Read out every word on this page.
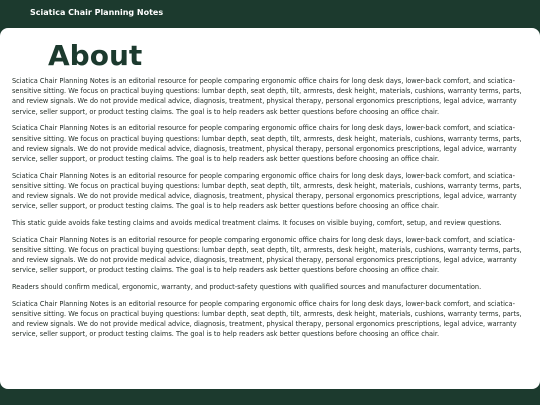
Sciatica Chair Planning Notes
About

Sciatica Chair Planning Notes is an editorial resource for people comparing ergonomic office chairs for long desk days, lower-back comfort, and sciatica-sensitive sitting. We focus on practical buying questions: lumbar depth, seat depth, tilt, armrests, desk height, materials, cushions, warranty terms, parts, and review signals. We do not provide medical advice, diagnosis, treatment, physical therapy, personal ergonomics prescriptions, legal advice, warranty service, seller support, or product testing claims. The goal is to help readers ask better questions before choosing an office chair.

Sciatica Chair Planning Notes is an editorial resource for people comparing ergonomic office chairs for long desk days, lower-back comfort, and sciatica-sensitive sitting. We focus on practical buying questions: lumbar depth, seat depth, tilt, armrests, desk height, materials, cushions, warranty terms, parts, and review signals. We do not provide medical advice, diagnosis, treatment, physical therapy, personal ergonomics prescriptions, legal advice, warranty service, seller support, or product testing claims. The goal is to help readers ask better questions before choosing an office chair.

Sciatica Chair Planning Notes is an editorial resource for people comparing ergonomic office chairs for long desk days, lower-back comfort, and sciatica-sensitive sitting. We focus on practical buying questions: lumbar depth, seat depth, tilt, armrests, desk height, materials, cushions, warranty terms, parts, and review signals. We do not provide medical advice, diagnosis, treatment, physical therapy, personal ergonomics prescriptions, legal advice, warranty service, seller support, or product testing claims. The goal is to help readers ask better questions before choosing an office chair.

This static guide avoids fake testing claims and avoids medical treatment claims. It focuses on visible buying, comfort, setup, and review questions.

Sciatica Chair Planning Notes is an editorial resource for people comparing ergonomic office chairs for long desk days, lower-back comfort, and sciatica-sensitive sitting. We focus on practical buying questions: lumbar depth, seat depth, tilt, armrests, desk height, materials, cushions, warranty terms, parts, and review signals. We do not provide medical advice, diagnosis, treatment, physical therapy, personal ergonomics prescriptions, legal advice, warranty service, seller support, or product testing claims. The goal is to help readers ask better questions before choosing an office chair.

Readers should confirm medical, ergonomic, warranty, and product-safety questions with qualified sources and manufacturer documentation.

Sciatica Chair Planning Notes is an editorial resource for people comparing ergonomic office chairs for long desk days, lower-back comfort, and sciatica-sensitive sitting. We focus on practical buying questions: lumbar depth, seat depth, tilt, armrests, desk height, materials, cushions, warranty terms, parts, and review signals. We do not provide medical advice, diagnosis, treatment, physical therapy, personal ergonomics prescriptions, legal advice, warranty service, seller support, or product testing claims. The goal is to help readers ask better questions before choosing an office chair.
